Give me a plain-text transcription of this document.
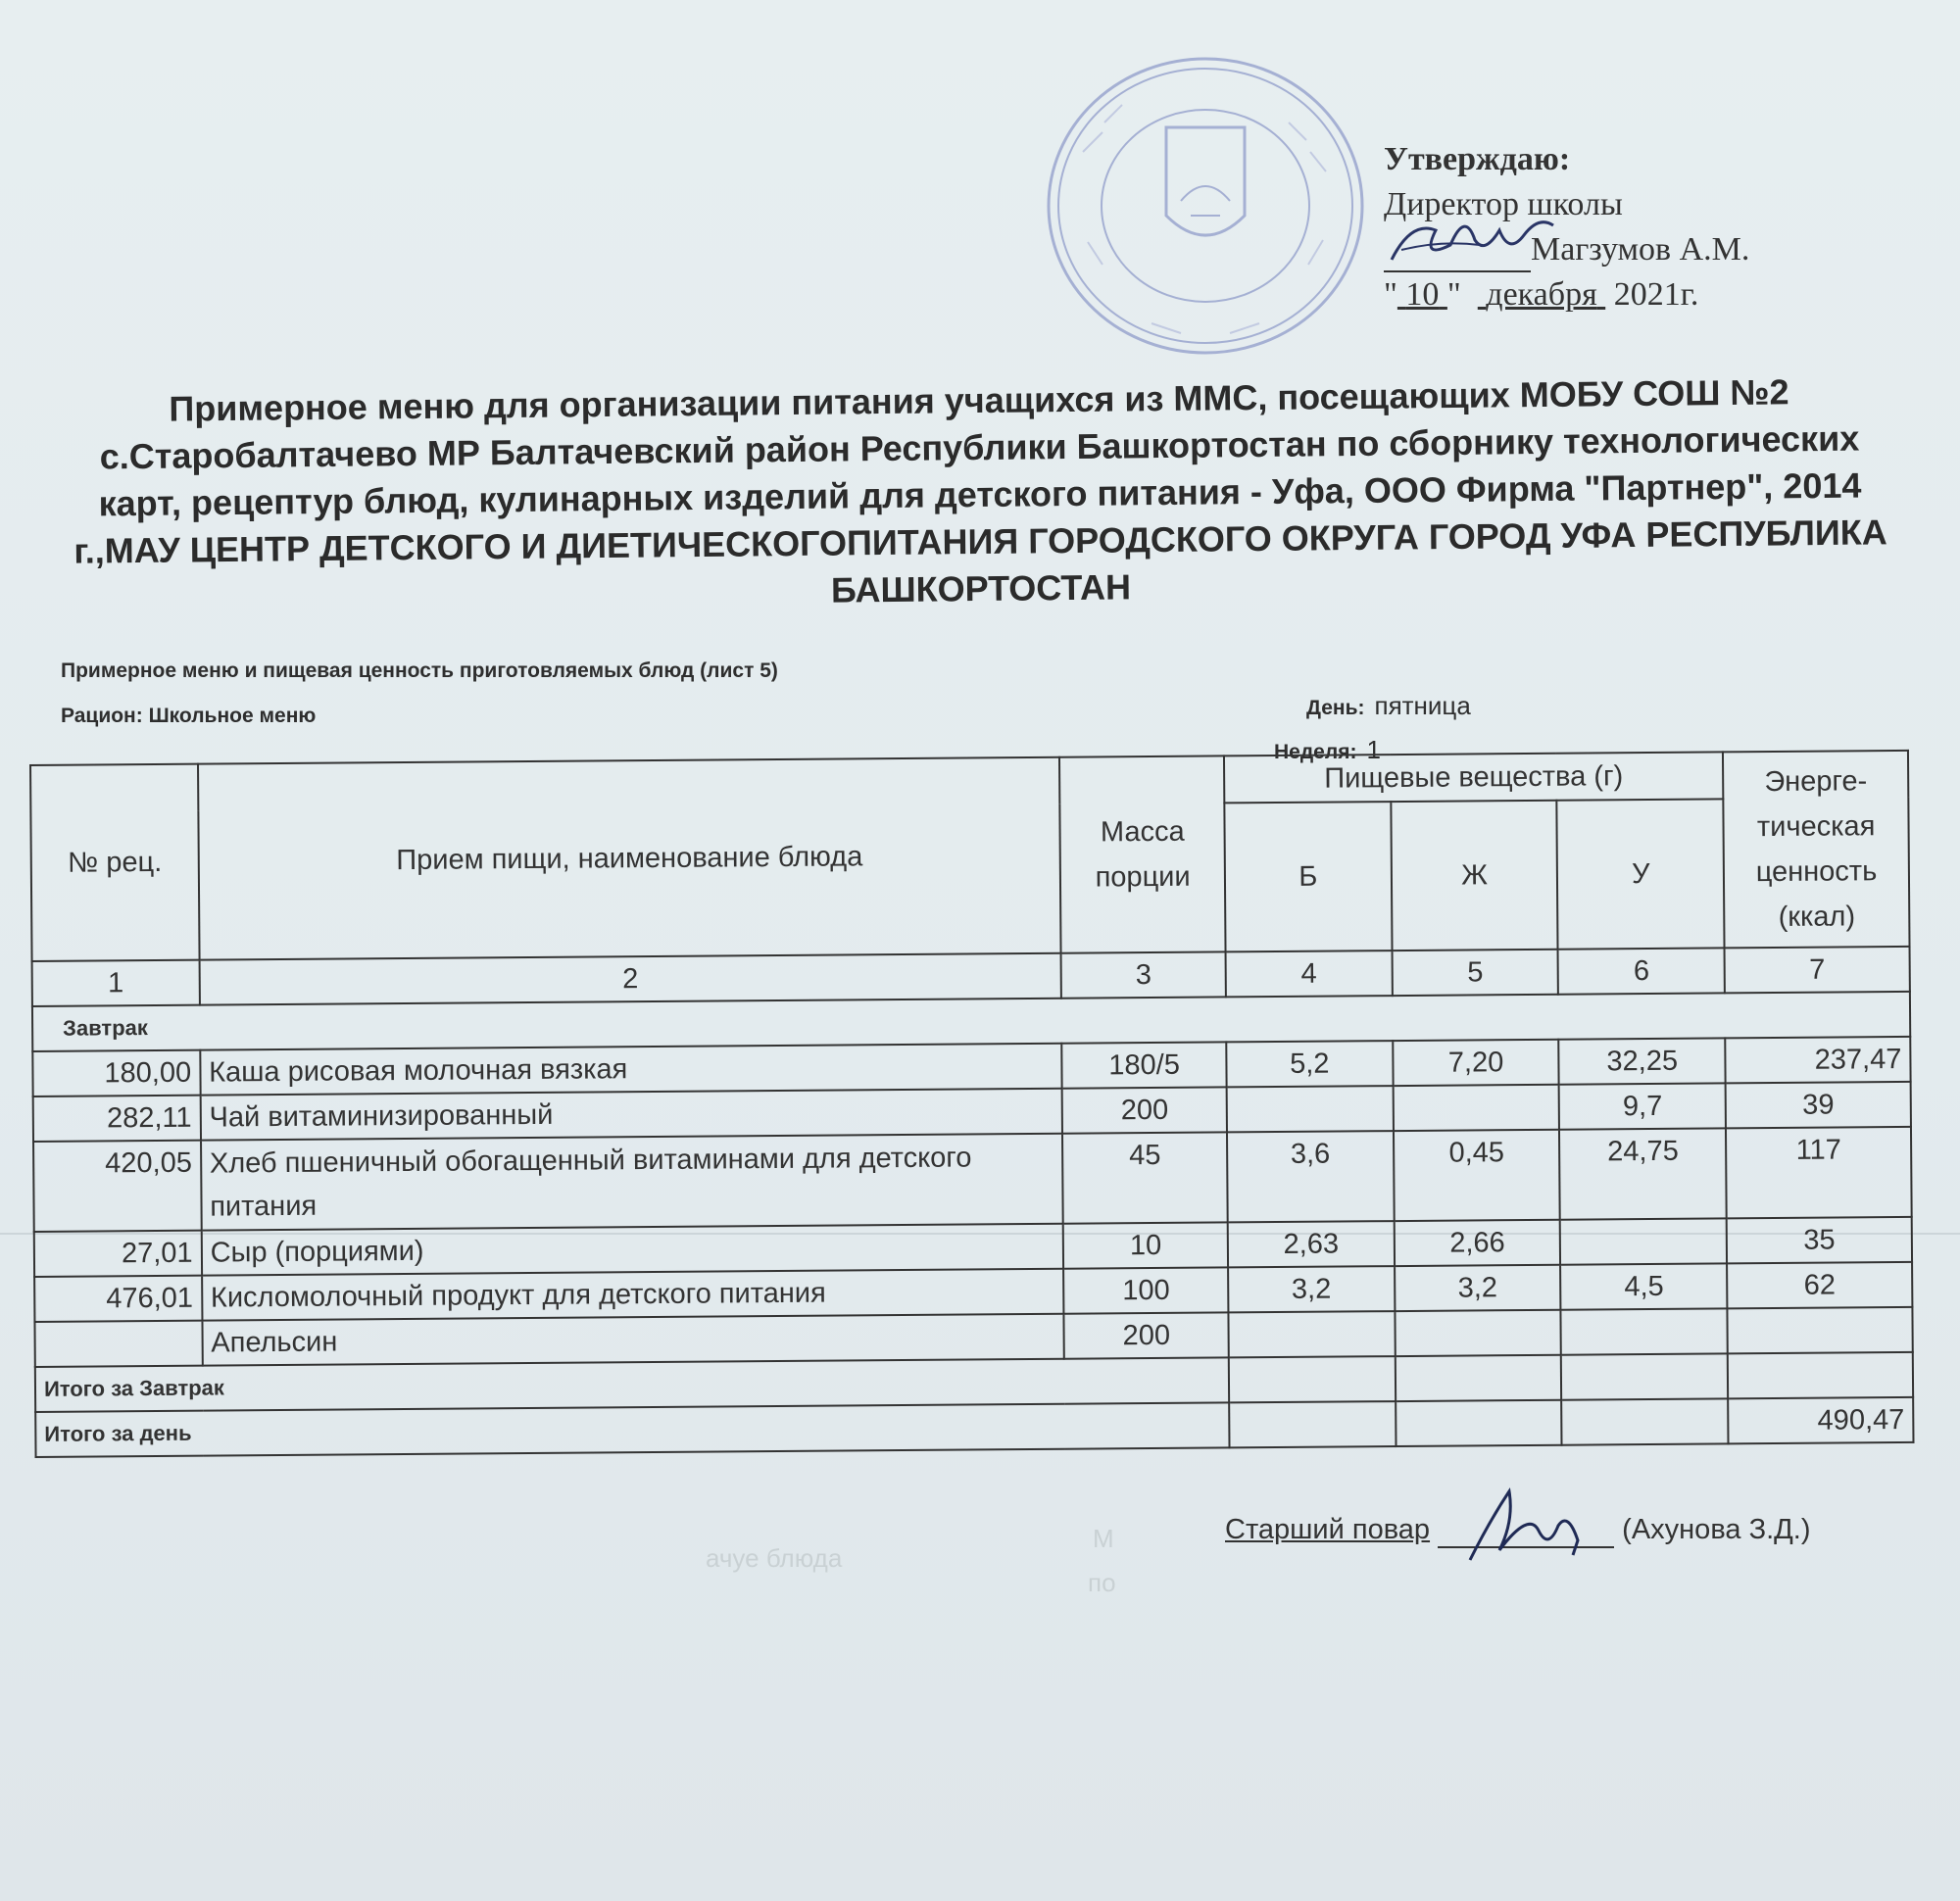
ачуе блюда
М
по
Утверждаю:
Директор школы
Магзумов А.М.
" 10 "   декабря 2021г.
Примерное меню для организации питания учащихся из ММС, посещающих МОБУ СОШ №2 с.Старобалтачево МР Балтачевский район Республики Башкортостан по сборнику технологических карт, рецептур блюд, кулинарных изделий для детского питания - Уфа, ООО Фирма "Партнер", 2014 г.,МАУ ЦЕНТР ДЕТСКОГО И ДИЕТИЧЕСКОГОПИТАНИЯ ГОРОДСКОГО ОКРУГА ГОРОД УФА РЕСПУБЛИКА БАШКОРТОСТАН
Примерное меню и пищевая ценность приготовляемых блюд (лист 5)
Рацион: Школьное меню	День: пятница
Неделя: 1
№ рец.	Прием пищи, наименование блюда	Масса порции	Пищевые вещества (г)			Энерге- тическая ценность (ккал)
			Б	Ж	У	
1	2	3	4	5	6	7
Завтрак						
180,00	Каша рисовая молочная вязкая	180/5	5,2	7,20	32,25	237,47
282,11	Чай витаминизированный	200			9,7	39
420,05	Хлеб пшеничный обогащенный витаминами для детского питания	45	3,6	0,45	24,75	117
27,01	Сыр (порциями)	10	2,63	2,66		35
476,01	Кисломолочный продукт для детского питания	100	3,2	3,2	4,5	62
	Апельсин	200				
Итого за Завтрак						
Итого за день						490,47
Старший повар	(Ахунова З.Д.)
